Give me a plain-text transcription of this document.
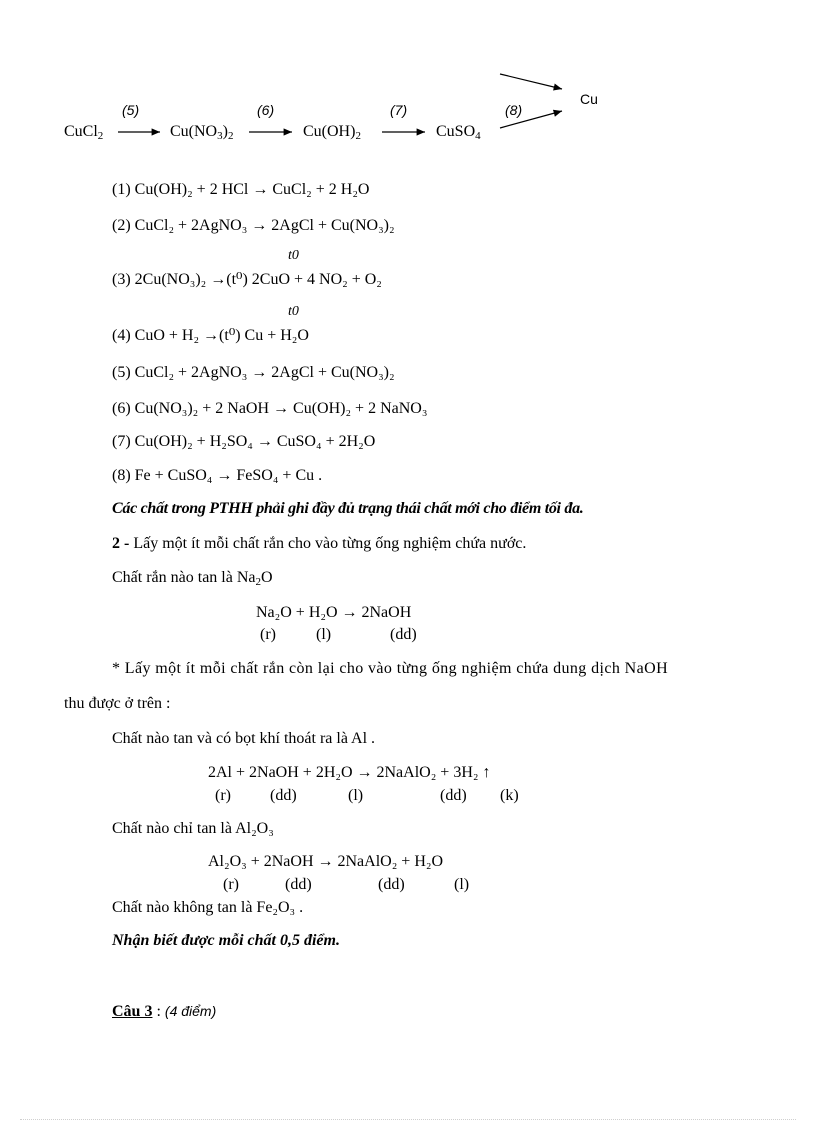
(5)	(6)	(7)	(8)
CuCl$_2$	$Cu(NO_3)_2$	$Cu(OH)_2$	CuSO$_4$
Cu
(1) Cu(OH)₂ + 2 HCl → CuCl₂ + 2 H₂O
(2) CuCl₂ + 2AgNO₃ → 2AgCl + Cu(NO₃)₂
t0
(3) 2Cu(NO₃)₂ →(t⁰) 2CuO + 4 NO₂ + O₂
t0
(4) CuO + H₂ →(t⁰) Cu + H₂O
(5) CuCl₂ + 2AgNO₃ → 2AgCl + Cu(NO₃)₂
(6) Cu(NO₃)₂ + 2 NaOH → Cu(OH)₂ + 2 NaNO₃
(7) Cu(OH)₂ + H₂SO₄ → CuSO₄ + 2H₂O
(8) Fe + CuSO₄ → FeSO₄ + Cu .
Các chất trong PTHH phải ghi đầy đủ trạng thái chất mới cho điểm tối đa.
2 - Lấy một ít mỗi chất rắn cho vào từng ống nghiệm chứa nước.
Chất rắn nào tan là $Na_2O$
Na₂O + H₂O → 2NaOH
(r)	(l)	(dd)
* Lấy một ít mỗi chất rắn còn lại cho vào từng ống nghiệm chứa dung dịch NaOH
thu được ở trên :
Chất nào tan và có bọt khí thoát ra là Al .
2Al + 2NaOH + 2H₂O → 2NaAlO₂ + 3H₂ ↑
(r) (dd)	(l)	(dd) (k)
Chất nào chỉ tan là Al₂O₃
Al₂O₃ + 2NaOH → 2NaAlO₂ + H₂O
(r)	(dd)	(dd)	(l)
Chất nào không tan là Fe₂O₃ .
Nhận biết được mỗi chất 0,5 điểm.
Câu 3 : (4 điểm)
